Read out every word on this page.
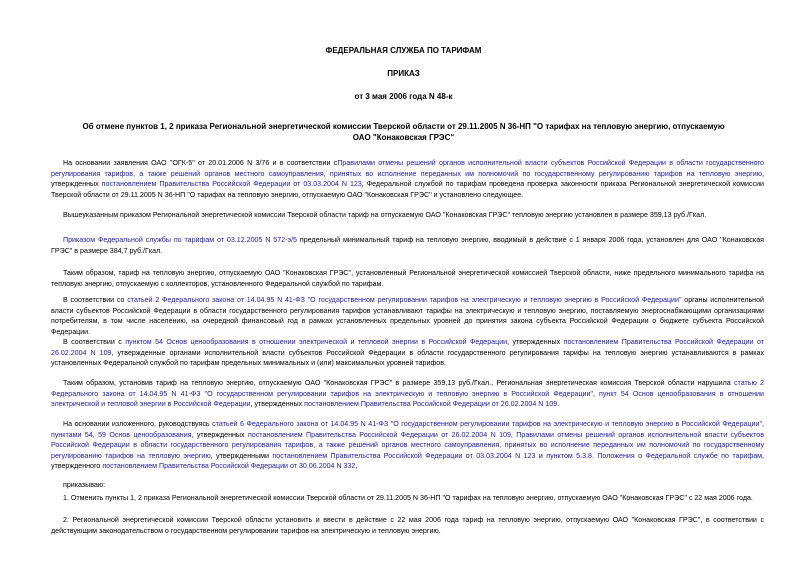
ФЕДЕРАЛЬНАЯ СЛУЖБА ПО ТАРИФАМ
ПРИКАЗ
от 3 мая 2006 года N 48-к
Об отмене пунктов 1, 2 приказа Региональной энергетической комиссии Тверской области от 29.11.2005 N 36-НП "О тарифах на тепловую энергию, отпускаемую
ОАО "Конаковская ГРЭС"
На основании заявления ОАО "ОГК-5" от 20.01.2006 N 3/76 и в соответствии сПравилами отмены решений органов исполнительной власти субъектов Российской Федерации в области государственного регулирования тарифов, а также решений органов местного самоуправления, принятых во исполнение переданных им полномочий по государственному регулированию тарифов на тепловую энергию, утвержденных постановлением Правительства Российской Федерации от 03.03.2004 N 123, Федеральной службой по тарифам проведена проверка законности приказа Региональной энергетической комиссии Тверской области от 29.11.2005 N 36-НП "О тарифах на тепловую энергию, отпускаемую ОАО "Конаковская ГРЭС" и установлено следующее.
Вышеуказанным приказом Региональной энергетической комиссии Тверской области тариф на отпускаемую ОАО "Конаковская ГРЭС" тепловую энергию установлен в размере 359,13 руб./Гкал.
Приказом Федеральной службы по тарифам от 03.12.2005 N 572-э/5 предельный минимальный тариф на тепловую энергию, вводимый в действие с 1 января 2006 года, установлен для ОАО "Конаковская ГРЭС" в размере 384,7 руб./Гкал.
Таким образом, тариф на тепловую энергию, отпускаемую ОАО "Конаковская ГРЭС", установленный Региональной энергетической комиссией Тверской области, ниже предельного минимального тарифа на тепловую энергию, отпускаемую с коллекторов, установленного Федеральной службой по тарифам.
В соответствии со статьей 2 Федерального закона от 14.04.95 N 41-ФЗ "О государственном регулировании тарифов на электрическую и тепловую энергию в Российской Федерации" органы исполнительной власти субъектов Российской Федерации в области государственного регулирования тарифов устанавливают тарифы на электрическую и тепловую энергию, поставляемую энергоснабжающими организациями потребителям, в том числе населению, на очередной финансовый год в рамках установленных предельных уровней до принятия закона субъекта Российской Федерации о бюджете субъекта Российской Федерации.
В соответствии с пунктом 54 Основ ценообразования в отношении электрической и тепловой энергии в Российской Федерации, утвержденных постановлением Правительства Российской Федерации от 26.02.2004 N 109, утвержденные органами исполнительной власти субъектов Российской Федерации в области государственного регулирования тарифы на тепловую энергию устанавливаются в рамках установленных Федеральной службой по тарифам предельных минимальных и (или) максимальных уровней тарифов.
Таким образом, установив тариф на тепловую энергию, отпускаемую ОАО "Конаковская ГРЭС" в размере 359,13 руб./Гкал., Региональная энергетическая комиссия Тверской области нарушила статью 2 Федерального закона от 14.04.95 N 41-ФЗ "О государственном регулировании тарифов на электрическую и тепловую энергию в Российской Федерации", пункт 54 Основ ценообразования в отношении электрической и тепловой энергии в Российской Федерации, утвержденных постановлением Правительства Российской Федерации от 26.02.2004 N 109.
На основании изложенного, руководствуясь статьей 6 Федерального закона от 14.04.95 N 41-ФЗ "О государственном регулировании тарифов на электрическую и тепловую энергию в Российской Федерации", пунктами 54, 59 Основ ценообразования, утвержденных постановлением Правительства Российской Федерации от 26.02.2004 N 109, Правилами отмены решений органов исполнительной власти субъектов Российской Федерации в области государственного регулирования тарифов, а также решений органов местного самоуправления, принятых во исполнение переданных им полномочий по государственному регулированию тарифов на тепловую энергию, утвержденными постановлением Правительства Российской Федерации от 03.03.2004 N 123 и пунктом 5.3.8. Положения о Федеральной службе по тарифам, утвержденного постановлением Правительства Российской Федерации от 30.06.2004 N 332,
приказываю:
1. Отменить пункты 1, 2 приказа Региональной энергетической комиссии Тверской области от 29.11.2005 N 36-НП "О тарифах на тепловую энергию, отпускаемую ОАО "Конаковская ГРЭС" с 22 мая 2006 года.
2. Региональной энергетической комиссии Тверской области установить и ввести в действие с 22 мая 2006 года тариф на тепловую энергию, отпускаемую ОАО "Конаковская ГРЭС", в соответствии с действующим законодательством о государственном регулировании тарифов на электрическую и тепловую энергию.
